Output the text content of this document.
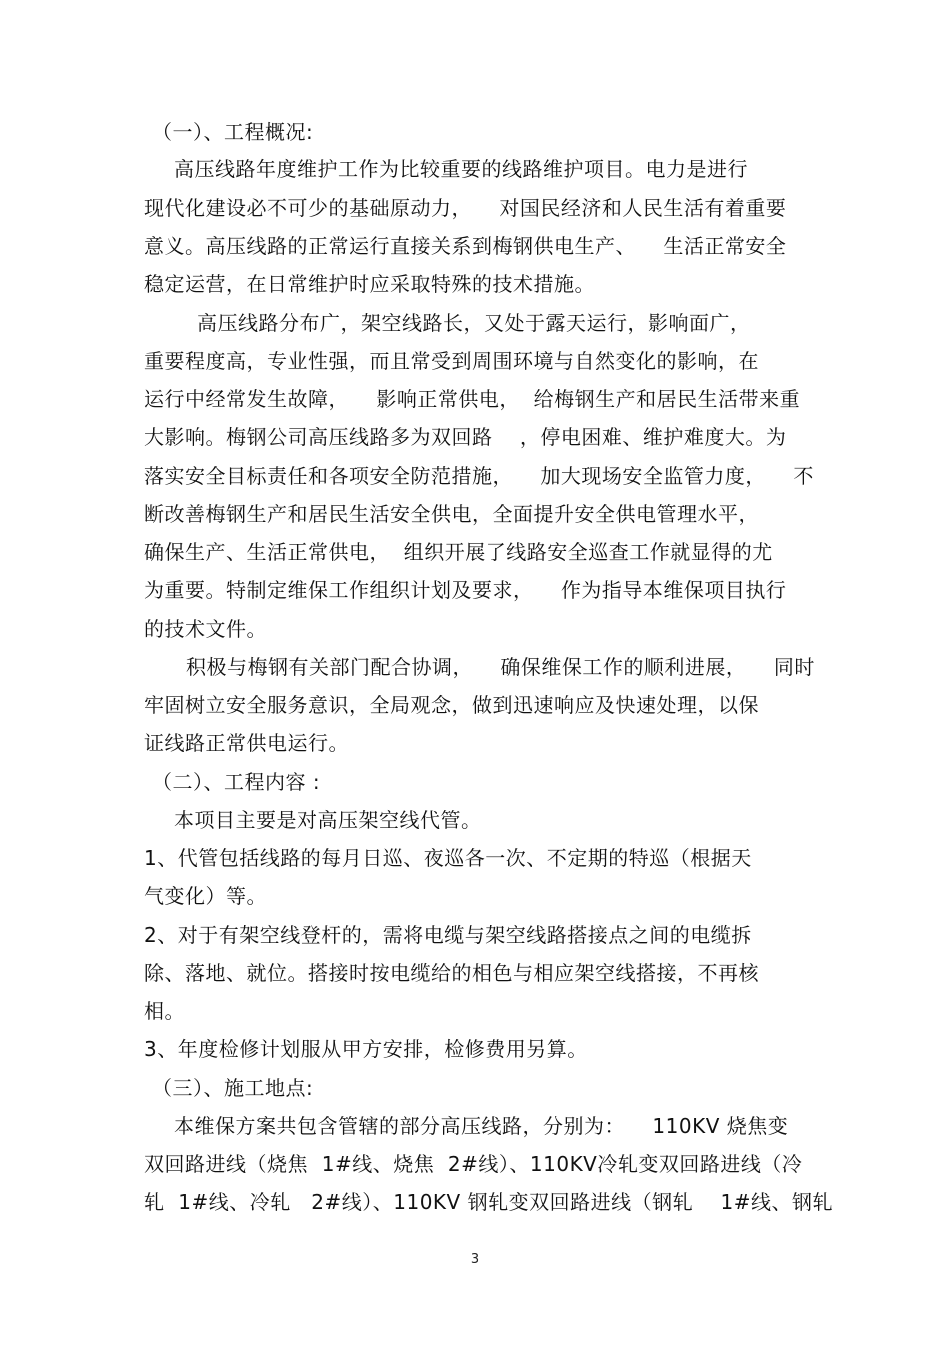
（一）、工程概况:
高压线路年度维护工作为比较重要的线路维护项目。电力是进行
现代化建设必不可少的基础原动力，    对国民经济和人民生活有着重要
意义。高压线路的正常运行直接关系到梅钢供电生产、    生活正常安全
稳定运营，在日常维护时应采取特殊的技术措施。
高压线路分布广，架空线路长，又处于露天运行，影响面广，
重要程度高，专业性强，而且常受到周围环境与自然变化的影响，在
运行中经常发生故障，    影响正常供电，  给梅钢生产和居民生活带来重
大影响。梅钢公司高压线路多为双回路    ，停电困难、维护难度大。为
落实安全目标责任和各项安全防范措施，    加大现场安全监管力度，    不
断改善梅钢生产和居民生活安全供电，全面提升安全供电管理水平，
确保生产、生活正常供电，  组织开展了线路安全巡查工作就显得的尤
为重要。特制定维保工作组织计划及要求，    作为指导本维保项目执行
的技术文件。
积极与梅钢有关部门配合协调，    确保维保工作的顺利进展，    同时
牢固树立安全服务意识，全局观念，做到迅速响应及快速处理，以保
证线路正常供电运行。
（二）、工程内容 :
本项目主要是对高压架空线代管。
1、代管包括线路的每月日巡、夜巡各一次、不定期的特巡（根据天
气变化）等。
2、对于有架空线登杆的，需将电缆与架空线路搭接点之间的电缆拆
除、落地、就位。搭接时按电缆给的相色与相应架空线搭接，不再核
相。
3、年度检修计划服从甲方安排，检修费用另算。
（三）、施工地点:
本维保方案共包含管辖的部分高压线路，分别为：    110KV 烧焦变
双回路进线（烧焦  1#线、烧焦  2#线）、110KV冷轧变双回路进线（冷
轧  1#线、冷轧   2#线）、110KV 钢轧变双回路进线（钢轧    1#线、钢轧
3
